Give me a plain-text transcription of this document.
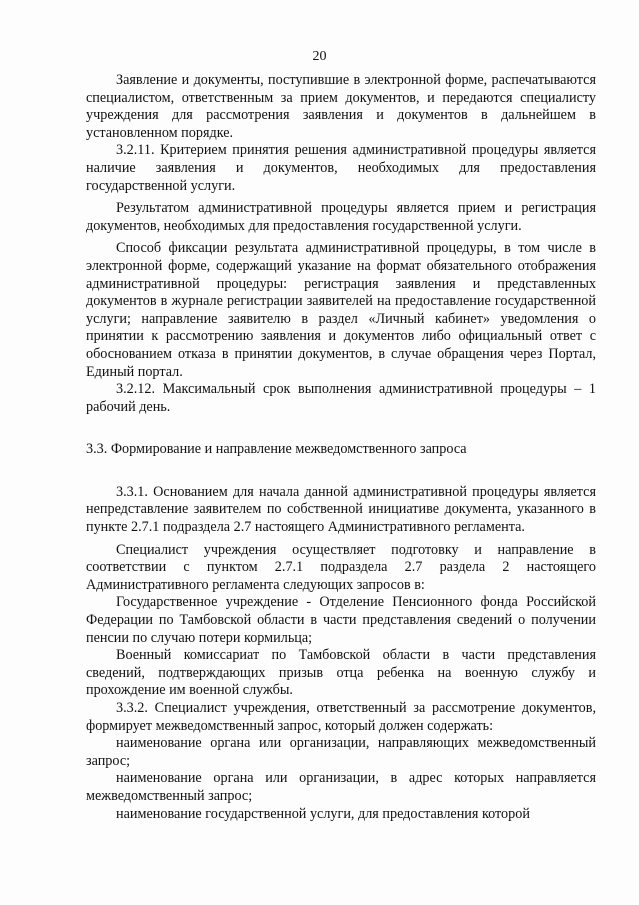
20

Заявление и документы, поступившие в электронной форме, распечатываются специалистом, ответственным за прием документов, и передаются специалисту учреждения для рассмотрения заявления и документов в дальнейшем в установленном порядке.

3.2.11. Критерием принятия решения административной процедуры является наличие заявления и документов, необходимых для предоставления государственной услуги.

Результатом административной процедуры является прием и регистрация документов, необходимых для предоставления государственной услуги.

Способ фиксации результата административной процедуры, в том числе в электронной форме, содержащий указание на формат обязательного отображения административной процедуры: регистрация заявления и представленных документов в журнале регистрации заявителей на предоставление государственной услуги; направление заявителю в раздел «Личный кабинет» уведомления о принятии к рассмотрению заявления и документов либо официальный ответ с обоснованием отказа в принятии документов, в случае обращения через Портал, Единый портал.

3.2.12. Максимальный срок выполнения административной процедуры – 1 рабочий день.

3.3. Формирование и направление межведомственного запроса

3.3.1. Основанием для начала данной административной процедуры является непредставление заявителем по собственной инициативе документа, указанного в пункте 2.7.1 подраздела 2.7 настоящего Административного регламента.

Специалист учреждения осуществляет подготовку и направление в соответствии с пунктом 2.7.1 подраздела 2.7 раздела 2 настоящего Административного регламента следующих запросов в:

Государственное учреждение - Отделение Пенсионного фонда Российской Федерации по Тамбовской области в части представления сведений о получении пенсии по случаю потери кормильца;

Военный комиссариат по Тамбовской области в части представления сведений, подтверждающих призыв отца ребенка на военную службу и прохождение им военной службы.

3.3.2. Специалист учреждения, ответственный за рассмотрение документов, формирует межведомственный запрос, который должен содержать:

наименование органа или организации, направляющих межведомственный запрос;

наименование органа или организации, в адрес которых направляется межведомственный запрос;

наименование государственной услуги, для предоставления которой
